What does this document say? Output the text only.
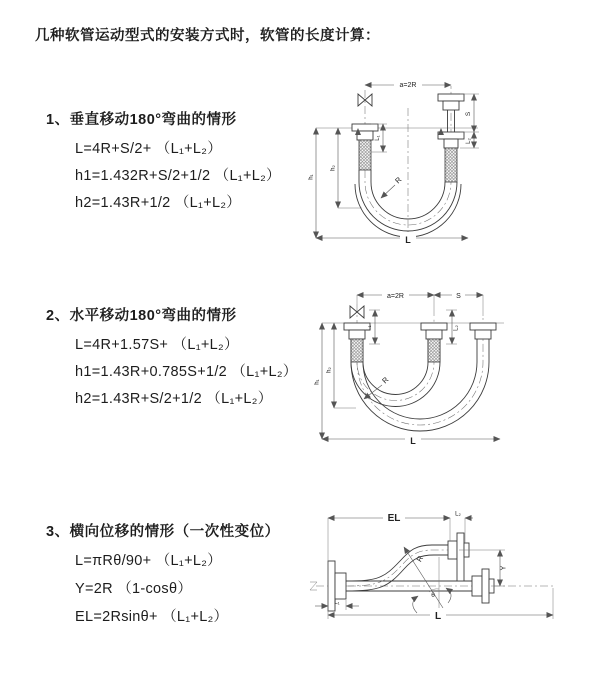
几种软管运动型式的安装方式时，软管的长度计算：
1、垂直移动180°弯曲的情形
L=4R+S/2+ （L₁+L₂）
h1=1.432R+S/2+1/2 （L₁+L₂）
h2=1.43R+1/2 （L₁+L₂）
2、水平移动180°弯曲的情形
L=4R+1.57S+ （L₁+L₂）
h1=1.43R+0.785S+1/2 （L₁+L₂）
h2=1.43R+S/2+1/2 （L₁+L₂）
3、横向位移的情形（一次性变位）
L=πRθ/90+ （L₁+L₂）
Y=2R （1-cosθ）
EL=2Rsinθ+ （L₁+L₂）
a=2R
S
L₂
L₁
h₁
h₂
L
R
a=2R	S
L₁	L₂
h₁
h₂
L
R
EL	L₂
Y
R
θ
L₁
L
